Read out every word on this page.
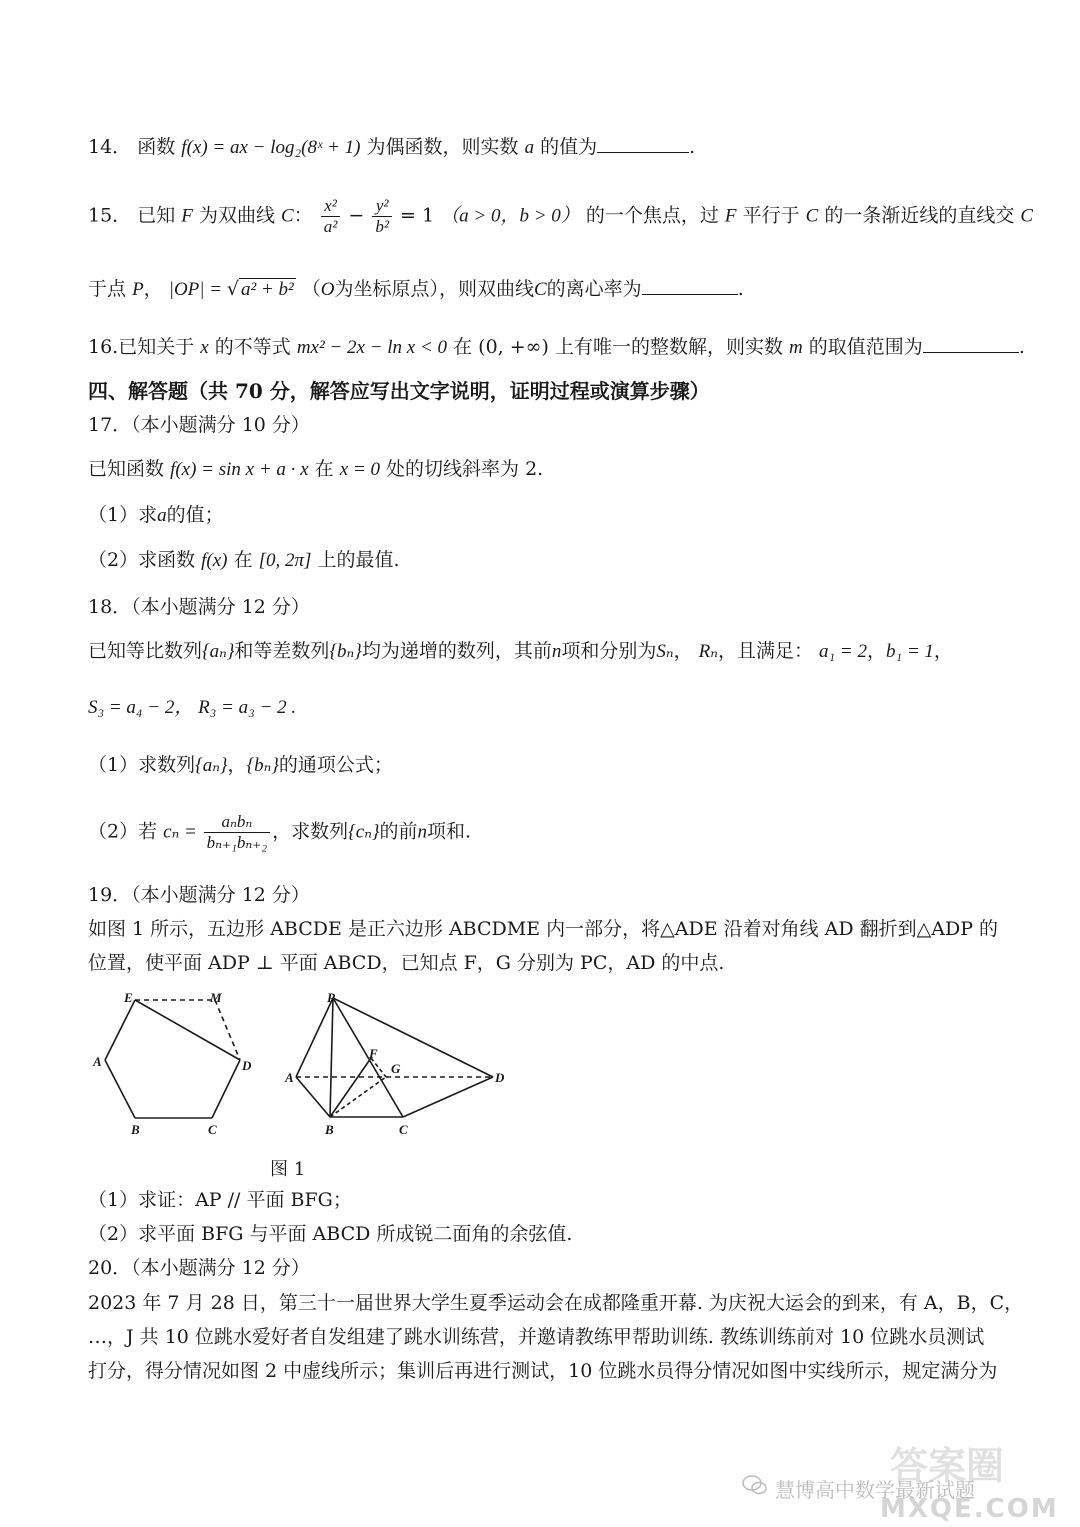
14． 函数 f(x) = ax − log₂(8ˣ + 1) 为偶函数，则实数 a 的值为	.
15． 已知 F 为双曲线 C： $\frac{\text{x²}}{\text{a²}} - \frac{\text{y²}}{\text{b²}} = 1$ （a > 0，b > 0） 的一个焦点，过 F 平行于 C 的一条渐近线的直线交 C
于点 P， |OP| = √ a² + b² （O为坐标原点），则双曲线C的离心率为	.
16.已知关于 x 的不等式 mx² − 2x − ln x < 0 在 (0, +∞) 上有唯一的整数解，则实数 m 的取值范围为	.
四、解答题（共 70 分，解答应写出文字说明，证明过程或演算步骤）
17．（本小题满分 10 分）
已知函数 f(x) = sin x + a · x 在 x = 0 处的切线斜率为 2.
（1）求a的值；
（2）求函数 f(x) 在 [0, 2π] 上的最值.
18．（本小题满分 12 分）
已知等比数列{aₙ}和等差数列{bₙ}均为递增的数列，其前n项和分别为Sₙ， Rₙ，且满足： a₁ = 2，b₁ = 1，
S₃ = a₄ − 2， R₃ = a₃ − 2 .
（1）求数列{aₙ}，{bₙ}的通项公式；
（2）若 $c_n = \frac{\text{aₙbₙ}}{\text{bₙ₊₁bₙ₊₂}}$ ，求数列{cₙ}的前n项和.
19．（本小题满分 12 分）
如图 1 所示，五边形 ABCDE 是正六边形 ABCDME 内一部分，将△ADE 沿着对角线 AD 翻折到△ADP 的
位置，使平面 ADP ⊥ 平面 ABCD，已知点 F，G 分别为 PC，AD 的中点.
E	M
A	D
B	C
P
F
G
A	D
B	C
图 1
（1）求证：AP // 平面 BFG；
（2）求平面 BFG 与平面 ABCD 所成锐二面角的余弦值.
20．（本小题满分 12 分）
2023 年 7 月 28 日，第三十一届世界大学生夏季运动会在成都隆重开幕. 为庆祝大运会的到来，有 A，B，C，
…，J 共 10 位跳水爱好者自发组建了跳水训练营，并邀请教练甲帮助训练. 教练训练前对 10 位跳水员测试
打分，得分情况如图 2 中虚线所示；集训后再进行测试，10 位跳水员得分情况如图中实线所示，规定满分为
答案圈
慧博高中数学最新试题
MXQE.COM
